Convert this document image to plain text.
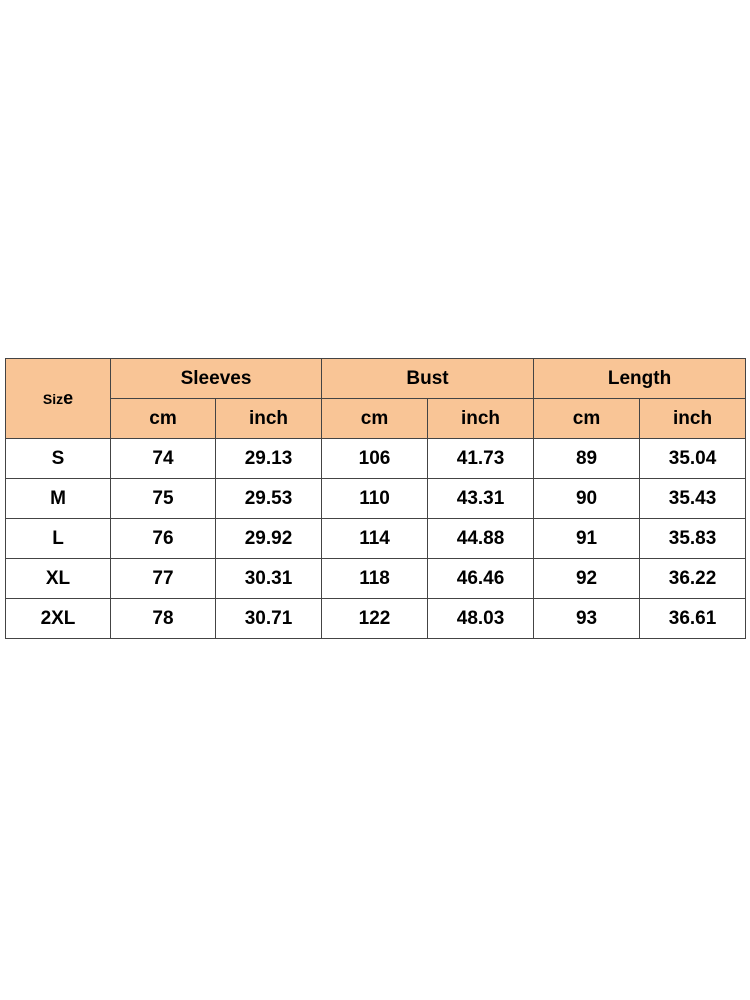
Size	Sleeves		Bust		Length	
	cm	inch	cm	inch	cm	inch
S	74	29.13	106	41.73	89	35.04
M	75	29.53	110	43.31	90	35.43
L	76	29.92	114	44.88	91	35.83
XL	77	30.31	118	46.46	92	36.22
2XL	78	30.71	122	48.03	93	36.61
